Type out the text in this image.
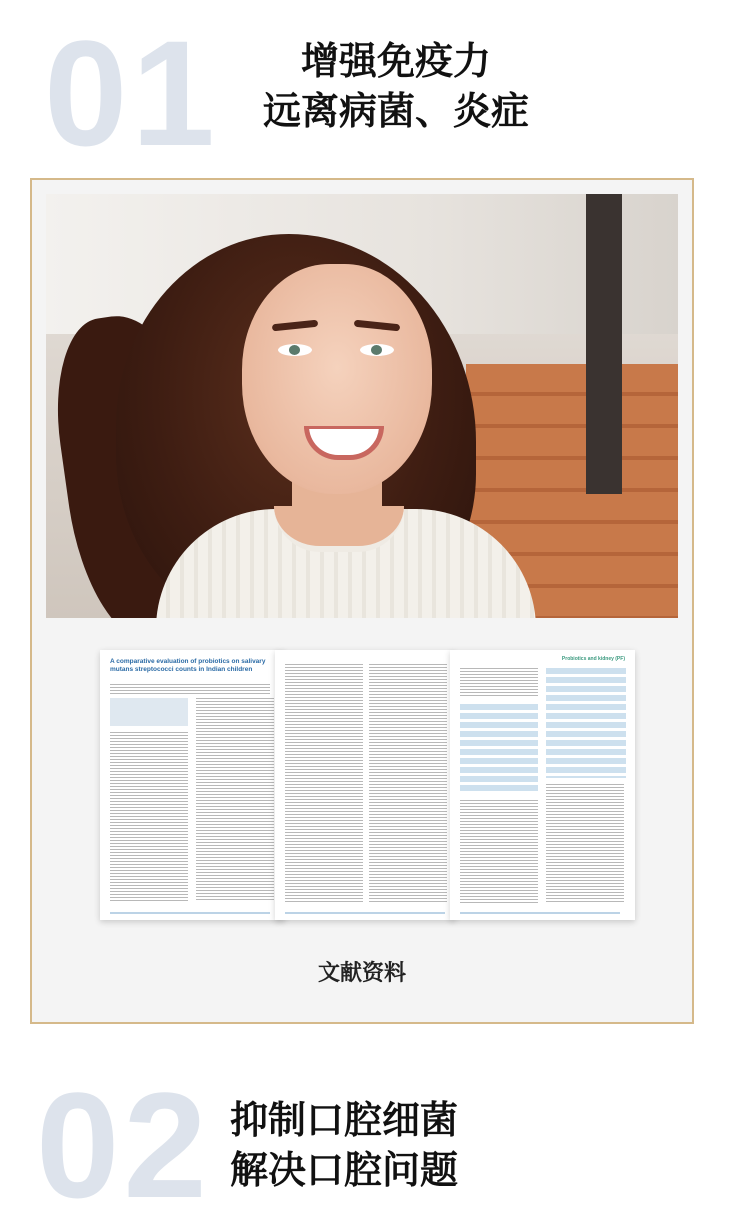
01	增强免疫力
远离病菌、炎症
A comparative evaluation of probiotics on salivary mutans streptococci counts in Indian children
Probiotics and kidney (PF)
文献资料
02 抑制口腔细菌
解决口腔问题
